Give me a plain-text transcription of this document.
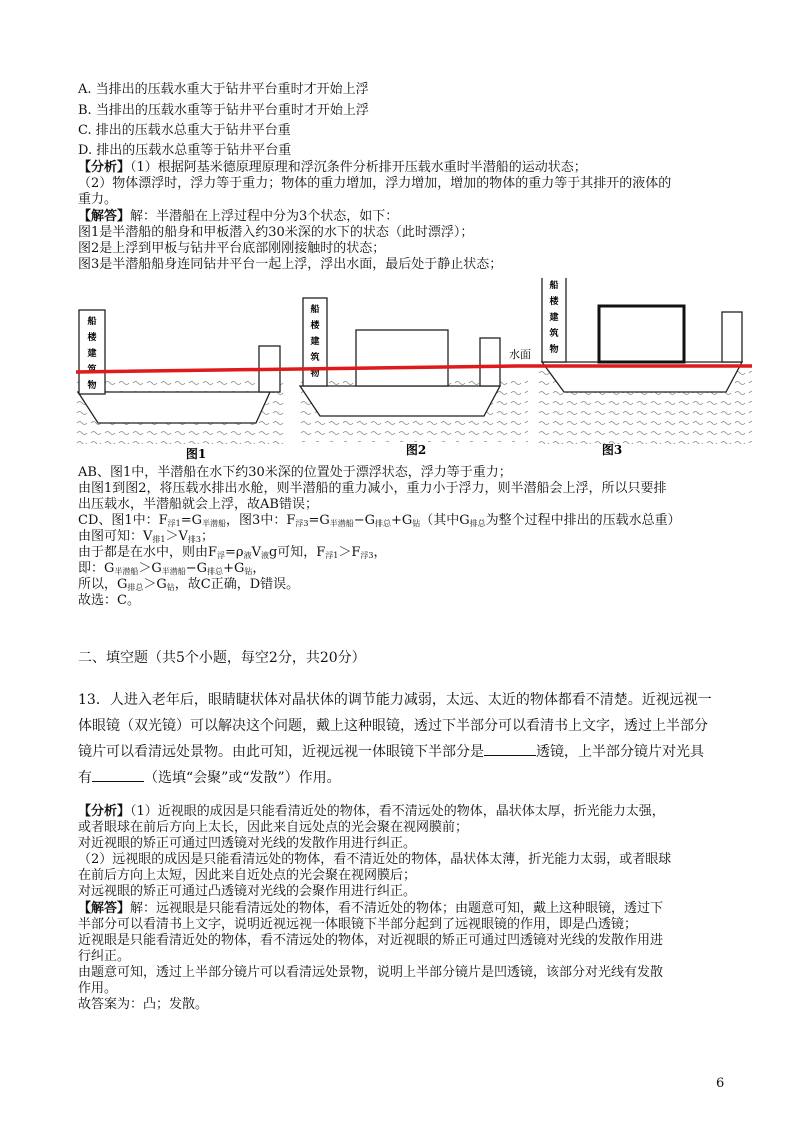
A. 当排出的压载水重大于钻井平台重时才开始上浮
B. 当排出的压载水重等于钻井平台重时才开始上浮
C. 排出的压载水总重大于钻井平台重
D. 排出的压载水总重等于钻井平台重
【分析】（1）根据阿基米德原理原理和浮沉条件分析排开压载水重时半潜船的运动状态；
（2）物体漂浮时，浮力等于重力；物体的重力增加，浮力增加，增加的物体的重力等于其排开的液体的
重力。
【解答】解：半潜船在上浮过程中分为3个状态，如下：
图1是半潜船的船身和甲板潜入约30米深的水下的状态（此时漂浮）；
图2是上浮到甲板与钻井平台底部刚刚接触时的状态；
图3是半潜船船身连同钻井平台一起上浮，浮出水面，最后处于静止状态；
船
楼
建
筑
物
图1
船
楼
建
筑
物
图2
水面
船
楼
建
筑
物
图3
AB、图1中，半潜船在水下约30米深的位置处于漂浮状态，浮力等于重力；
由图1到图2，将压载水排出水舱，则半潜船的重力减小，重力小于浮力，则半潜船会上浮，所以只要排
出压载水，半潜船就会上浮，故AB错误；
CD、图1中：$F_{浮1}=G_{半潜船}$，图3中：$F_{浮3}=G_{半潜船}-G_{排总}+G_钻$（其中$G_{排总}$为整个过程中排出的压载水总重）
由图可知：$V_{排1}>V_{排3}$；
由于都是在水中，则由$F_浮=\rho_液V_液g$可知，$F_{浮1}>F_{浮3}$，
即：$G_{半潜船}>G_{半潜船}-G_{排总}+G_钻$，
所以，$G_{排总}>G_钻$，故C正确，D错误。
故选：C。
二、填空题（共5个小题，每空2分，共20分）
13．人进入老年后，眼睛睫状体对晶状体的调节能力减弱，太远、太近的物体都看不清楚。近视远视一
体眼镜（双光镜）可以解决这个问题，戴上这种眼镜，透过下半部分可以看清书上文字，透过上半部分
镜片可以看清远处景物。由此可知，近视远视一体眼镜下半部分是	透镜，上半部分镜片对光具
有	（选填“会聚”或“发散”）作用。
【分析】（1）近视眼的成因是只能看清近处的物体，看不清远处的物体，晶状体太厚，折光能力太强，
或者眼球在前后方向上太长，因此来自远处点的光会聚在视网膜前；
对近视眼的矫正可通过凹透镜对光线的发散作用进行纠正。
（2）远视眼的成因是只能看清远处的物体，看不清近处的物体，晶状体太薄，折光能力太弱，或者眼球
在前后方向上太短，因此来自近处点的光会聚在视网膜后；
对远视眼的矫正可通过凸透镜对光线的会聚作用进行纠正。
【解答】解：远视眼是只能看清远处的物体，看不清近处的物体；由题意可知，戴上这种眼镜，透过下
半部分可以看清书上文字，说明近视远视一体眼镜下半部分起到了远视眼镜的作用，即是凸透镜；
近视眼是只能看清近处的物体，看不清远处的物体，对近视眼的矫正可通过凹透镜对光线的发散作用进
行纠正。
由题意可知，透过上半部分镜片可以看清远处景物，说明上半部分镜片是凹透镜，该部分对光线有发散
作用。
故答案为：凸；发散。
6
